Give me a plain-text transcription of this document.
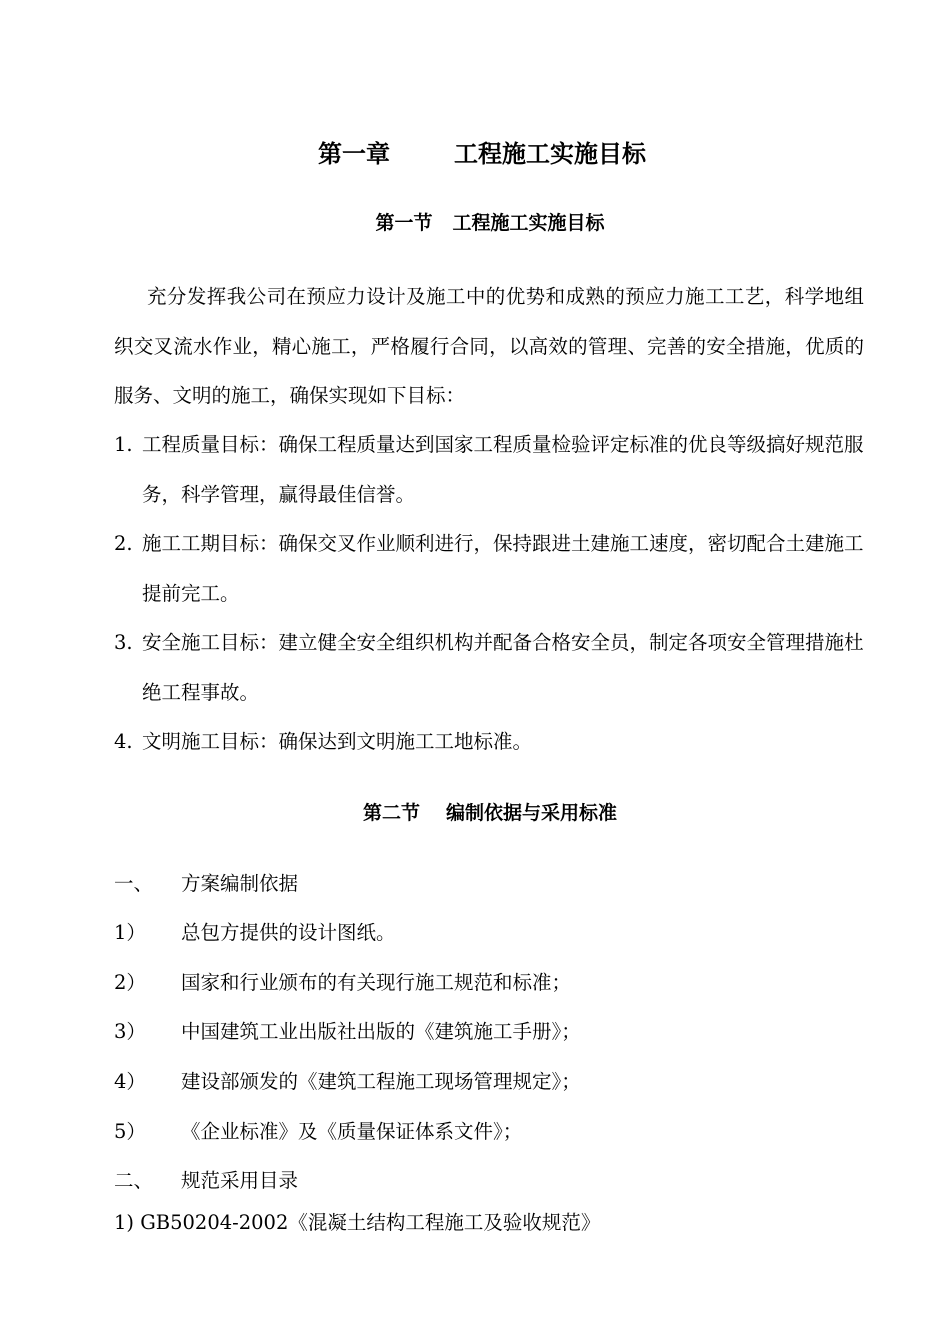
第一章	工程施工实施目标
第一节 工程施工实施目标

充分发挥我公司在预应力设计及施工中的优势和成熟的预应力施工工艺，科学地组织交叉流水作业，精心施工，严格履行合同，以高效的管理、完善的安全措施，优质的服务、文明的施工，确保实现如下目标：

1. 工程质量目标：确保工程质量达到国家工程质量检验评定标准的优良等级搞好规范服务，科学管理，赢得最佳信誉。
2. 施工工期目标：确保交叉作业顺利进行，保持跟进土建施工速度，密切配合土建施工提前完工。
3. 安全施工目标：建立健全安全组织机构并配备合格安全员，制定各项安全管理措施杜绝工程事故。
4. 文明施工目标：确保达到文明施工工地标准。
第二节 编制依据与采用标准
一、 方案编制依据
1） 总包方提供的设计图纸。
2） 国家和行业颁布的有关现行施工规范和标准；
3） 中国建筑工业出版社出版的《建筑施工手册》；
4） 建设部颁发的《建筑工程施工现场管理规定》；
5） 《企业标准》及《质量保证体系文件》；
二、 规范采用目录
1) GB50204-2002《混凝土结构工程施工及验收规范》
